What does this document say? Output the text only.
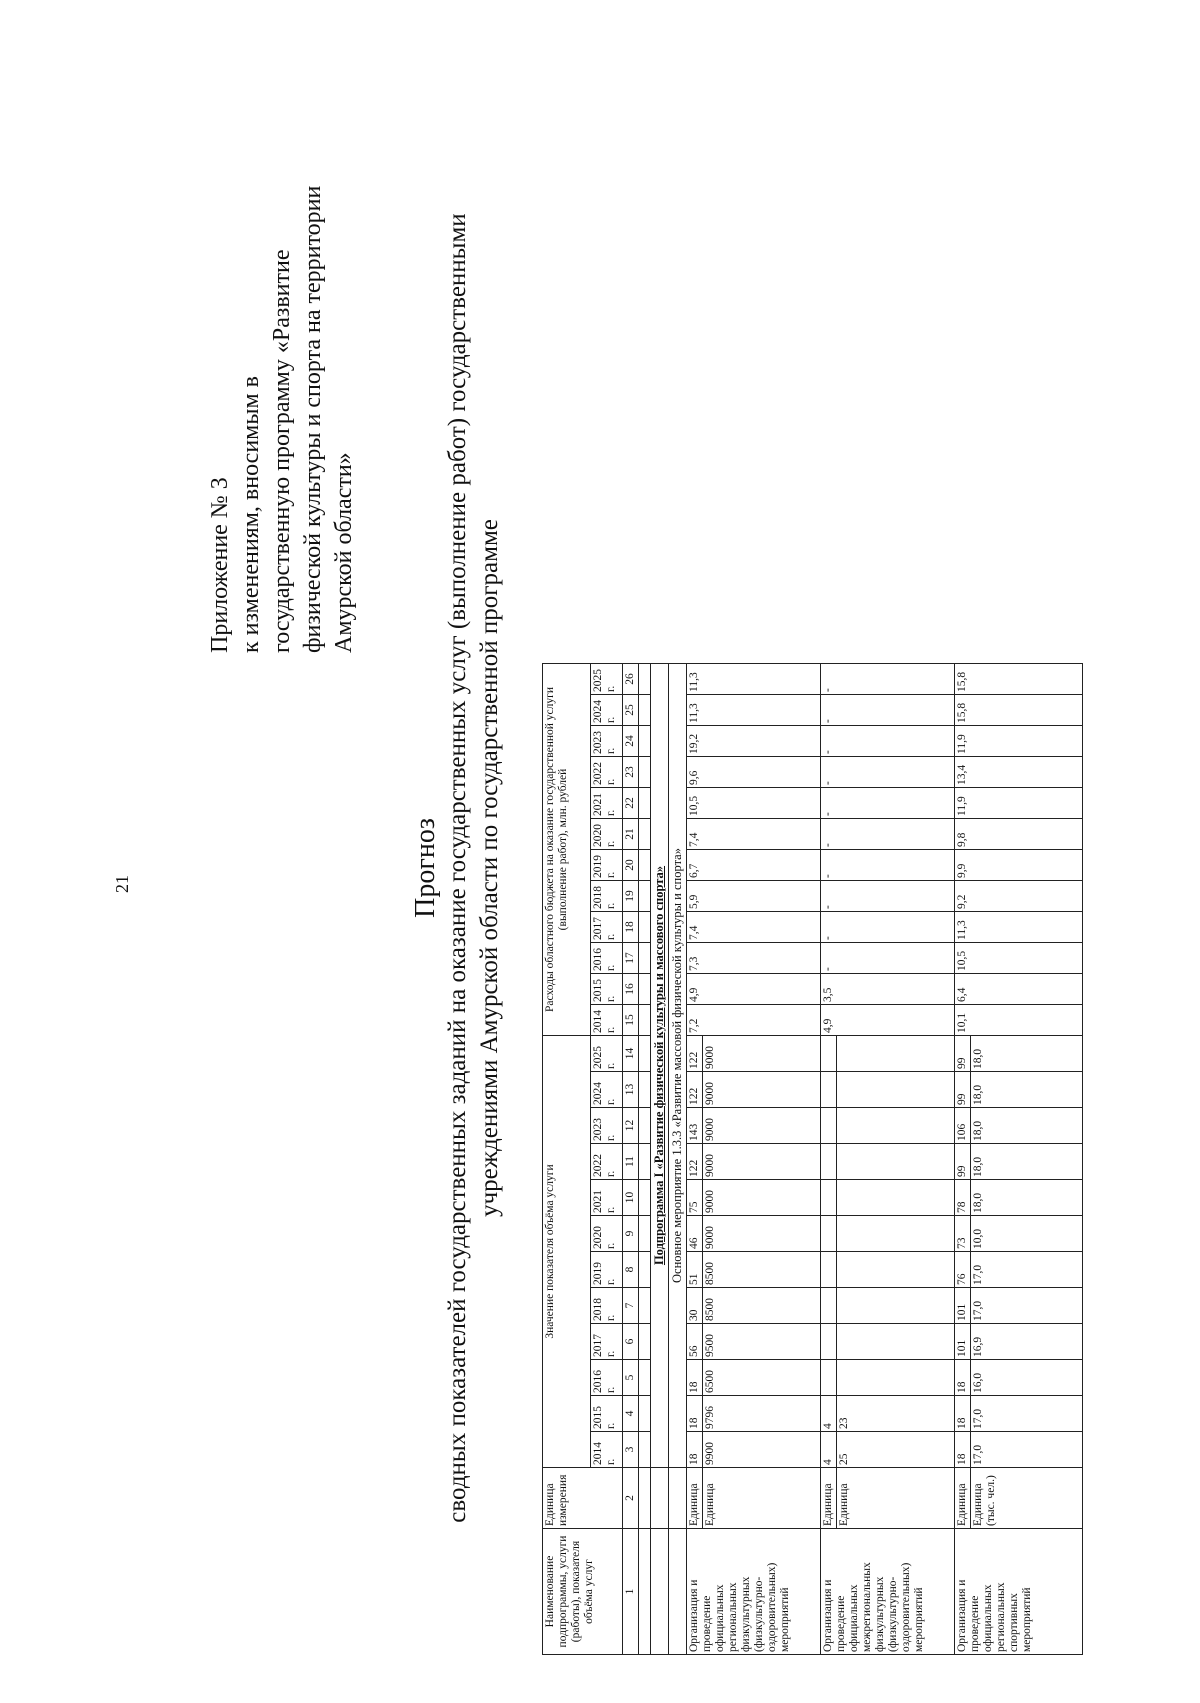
21
Приложение № 3 к изменениям, вносимым в государственную программу «Развитие физической культуры и спорта на территории Амурской области»
Прогноз сводных показателей государственных заданий на оказание государственных услуг (выполнение работ) государственными учреждениями Амурской области по государственной программе
Наименование подпрограммы, услуги (работы), показателя объёма услуг	Единица измерения	Значение показателя объёма услуги												Расходы областного бюджета на оказание государственной услуги (выполнение работ), млн. рублей											
		2014 г.	2015 г.	2016 г.	2017 г.	2018 г.	2019 г.	2020 г.	2021 г.	2022 г.	2023 г.	2024 г.	2025 г.	2014 г.	2015 г.	2016 г.	2017 г.	2018 г.	2019 г.	2020 г.	2021 г.	2022 г.	2023 г.	2024 г.	2025 г.
1	2	3	4	5	6	7	8	9	10	11	12	13	14	15	16	17	18	19	20	21	22	23	24	25	26

		Подпрограмма I «Развитие физической культуры и массового спорта»																							
		Основное мероприятие 1.3.3 «Развитие массовой физической культуры и спорта»																							
Организация и проведение официальных региональных физкультурных (физкультурно-оздоровительных) мероприятий	Единица	18	18	18	56	30	51	46	75	122	143	122	122	7,2	4,9	7,3	7,4	5,9	6,7	7,4	10,5	9,6	19,2	11,3	11,3
	Единица	9900	9796	6500	9500	8500	8500	9000	9000	9000	9000	9000	9000												
Организация и проведение официальных межрегиональных физкультурных (физкультурно-оздоровительных) мероприятий	Единица	4	4											4,9	3,5	-	-	-	-	-	-	-	-	-	-
	Единица	25	23																						
Организация и проведение официальных региональных спортивных мероприятий	Единица	18	18	18	101	101	76	73	78	99	106	99	99	10,1	6,4	10,5	11,3	9,2	9,9	9,8	11,9	13,4	11,9	15,8	15,8
	Единица (тыс. чел.)	17,0	17,0	16,0	16,9	17,0	17,0	10,0	18,0	18,0	18,0	18,0	18,0												
